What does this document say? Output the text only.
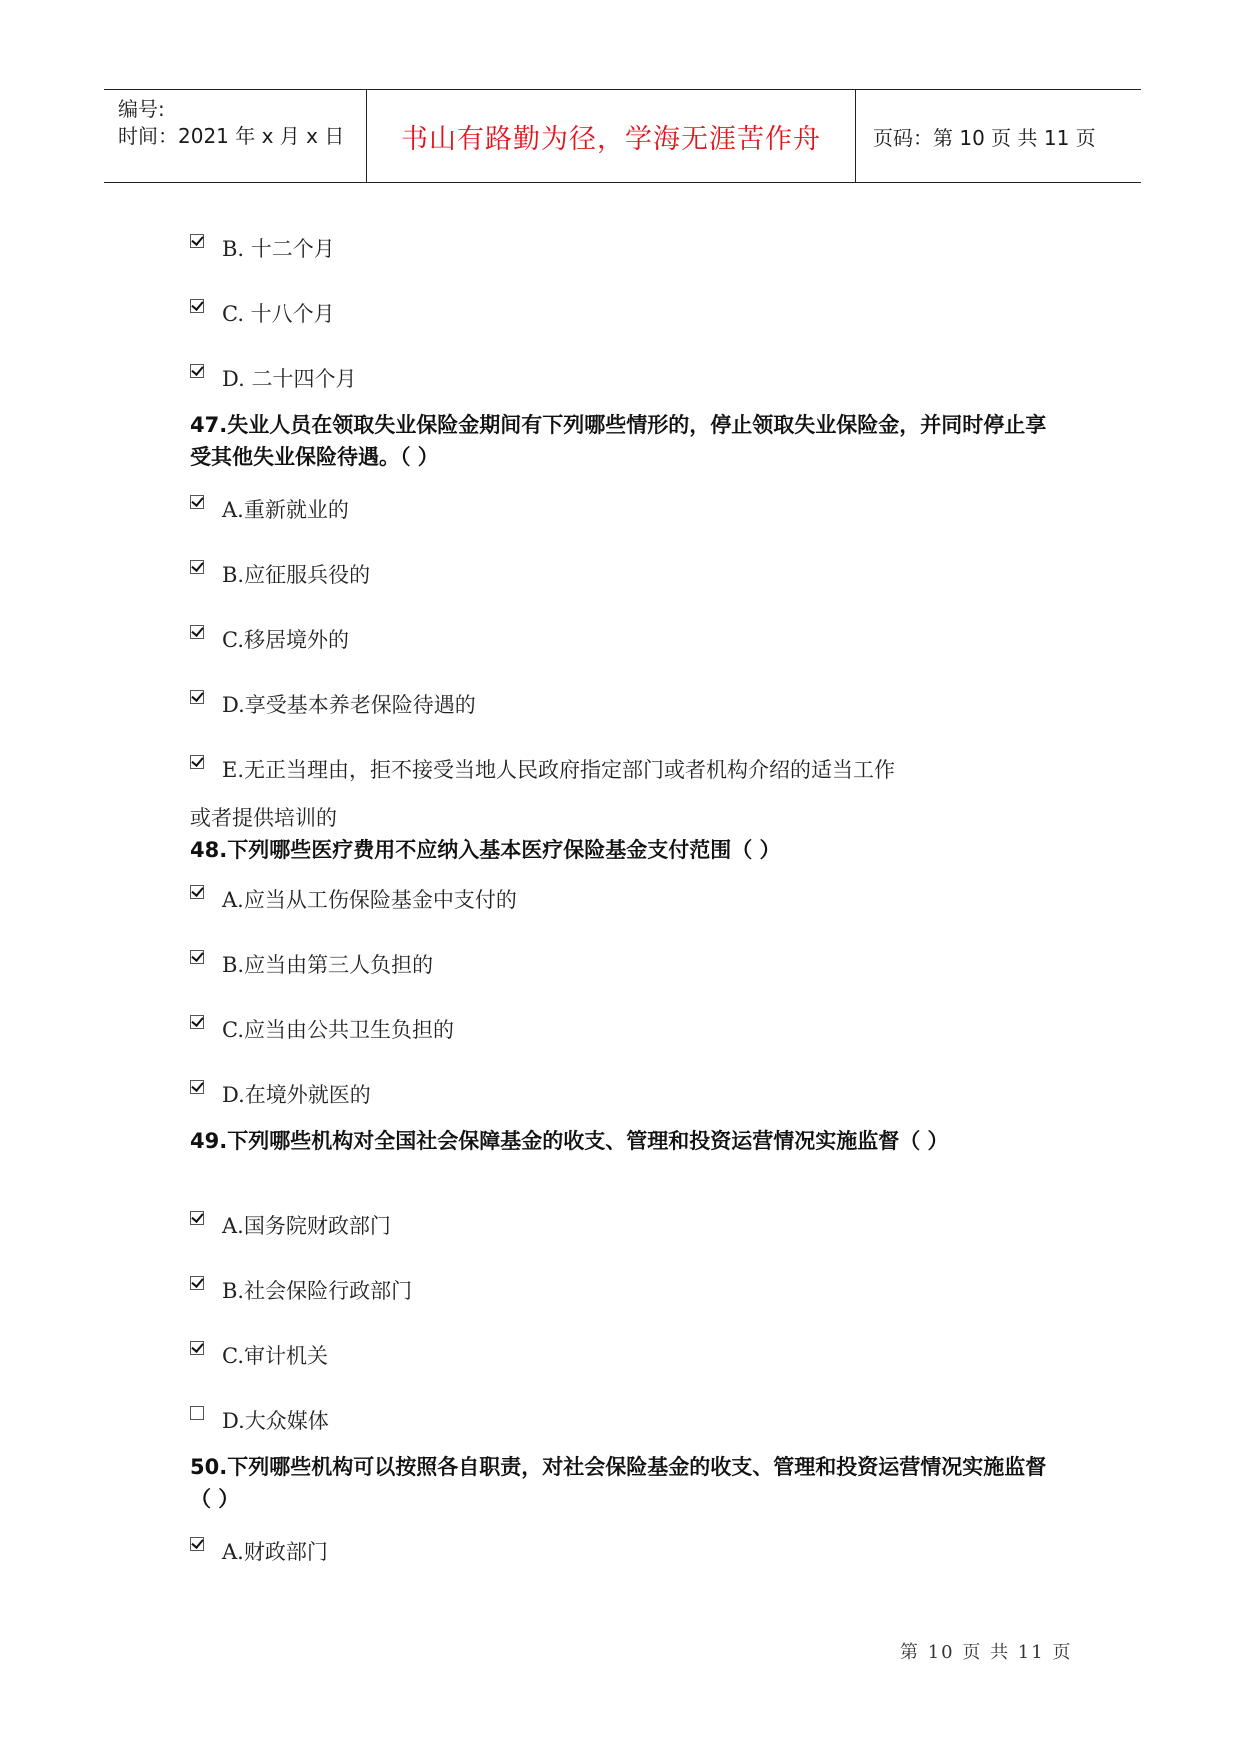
编号:
时间：2021 年 x 月 x 日 书山有路勤为径，学海无涯苦作舟	页码：第 10 页 共 11 页
B. 十二个月
C. 十八个月
D. 二十四个月
47.失业人员在领取失业保险金期间有下列哪些情形的，停止领取失业保险金，并同时停止享受其他失业保险待遇。（ ）
A.重新就业的
B.应征服兵役的
C.移居境外的
D.享受基本养老保险待遇的
E.无正当理由，拒不接受当地人民政府指定部门或者机构介绍的适当工作
或者提供培训的
48.下列哪些医疗费用不应纳入基本医疗保险基金支付范围（ ）
A.应当从工伤保险基金中支付的
B.应当由第三人负担的
C.应当由公共卫生负担的
D.在境外就医的
49.下列哪些机构对全国社会保障基金的收支、管理和投资运营情况实施监督（ ）
A.国务院财政部门
B.社会保险行政部门
C.审计机关
D.大众媒体
50.下列哪些机构可以按照各自职责，对社会保险基金的收支、管理和投资运营情况实施监督（ ）
A.财政部门
第 10 页 共 11 页
